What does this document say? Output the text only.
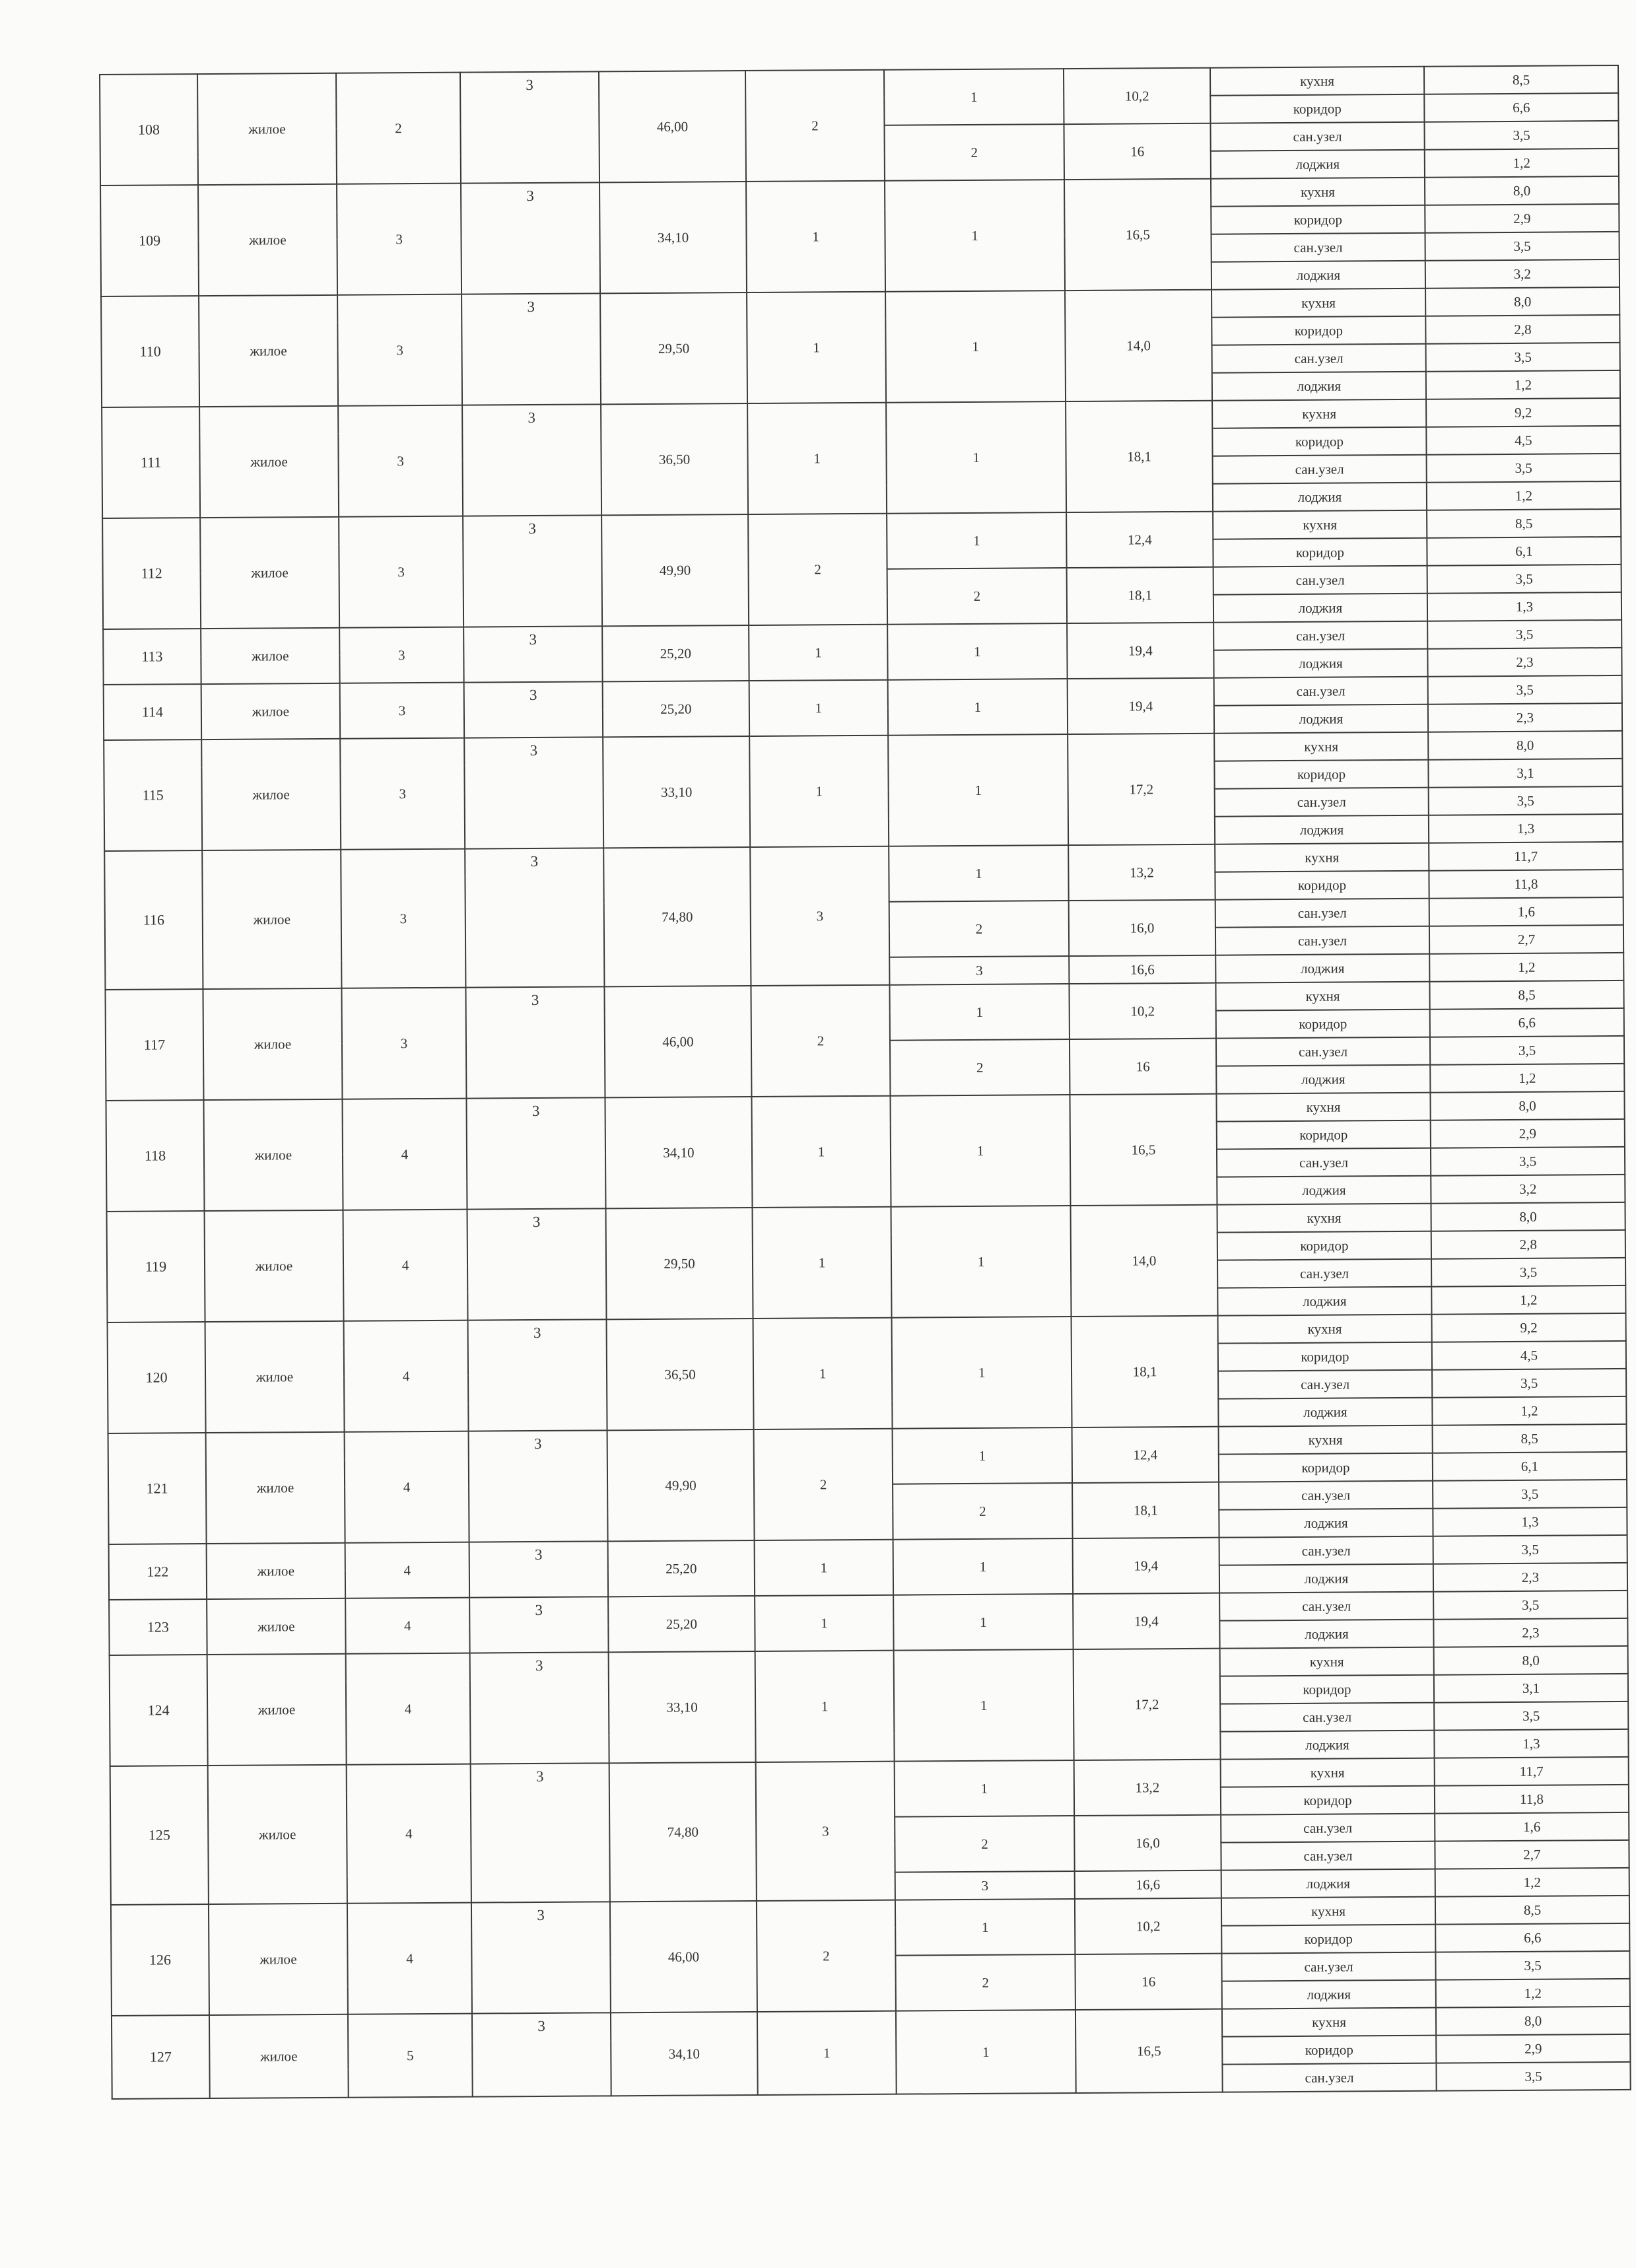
108	жилое	2	3	46,00	2	1	10,2	кухня	8,5
								коридор	6,6
						2	16	сан.узел	3,5
								лоджия	1,2
109	жилое	3	3	34,10	1	1	16,5	кухня	8,0
								коридор	2,9
								сан.узел	3,5
								лоджия	3,2
110	жилое	3	3	29,50	1	1	14,0	кухня	8,0
								коридор	2,8
								сан.узел	3,5
								лоджия	1,2
111	жилое	3	3	36,50	1	1	18,1	кухня	9,2
								коридор	4,5
								сан.узел	3,5
								лоджия	1,2
112	жилое	3	3	49,90	2	1	12,4	кухня	8,5
								коридор	6,1
						2	18,1	сан.узел	3,5
								лоджия	1,3
113	жилое	3	3	25,20	1	1	19,4	сан.узел	3,5
								лоджия	2,3
114	жилое	3	3	25,20	1	1	19,4	сан.узел	3,5
								лоджия	2,3
115	жилое	3	3	33,10	1	1	17,2	кухня	8,0
								коридор	3,1
								сан.узел	3,5
								лоджия	1,3
116	жилое	3	3	74,80	3	1	13,2	кухня	11,7
								коридор	11,8
						2	16,0	сан.узел	1,6
								сан.узел	2,7
						3	16,6	лоджия	1,2
117	жилое	3	3	46,00	2	1	10,2	кухня	8,5
								коридор	6,6
						2	16	сан.узел	3,5
								лоджия	1,2
118	жилое	4	3	34,10	1	1	16,5	кухня	8,0
								коридор	2,9
								сан.узел	3,5
								лоджия	3,2
119	жилое	4	3	29,50	1	1	14,0	кухня	8,0
								коридор	2,8
								сан.узел	3,5
								лоджия	1,2
120	жилое	4	3	36,50	1	1	18,1	кухня	9,2
								коридор	4,5
								сан.узел	3,5
								лоджия	1,2
121	жилое	4	3	49,90	2	1	12,4	кухня	8,5
								коридор	6,1
						2	18,1	сан.узел	3,5
								лоджия	1,3
122	жилое	4	3	25,20	1	1	19,4	сан.узел	3,5
								лоджия	2,3
123	жилое	4	3	25,20	1	1	19,4	сан.узел	3,5
								лоджия	2,3
124	жилое	4	3	33,10	1	1	17,2	кухня	8,0
								коридор	3,1
								сан.узел	3,5
								лоджия	1,3
125	жилое	4	3	74,80	3	1	13,2	кухня	11,7
								коридор	11,8
						2	16,0	сан.узел	1,6
								сан.узел	2,7
						3	16,6	лоджия	1,2
126	жилое	4	3	46,00	2	1	10,2	кухня	8,5
								коридор	6,6
						2	16	сан.узел	3,5
								лоджия	1,2
127	жилое	5	3	34,10	1	1	16,5	кухня	8,0
								коридор	2,9
								сан.узел	3,5
